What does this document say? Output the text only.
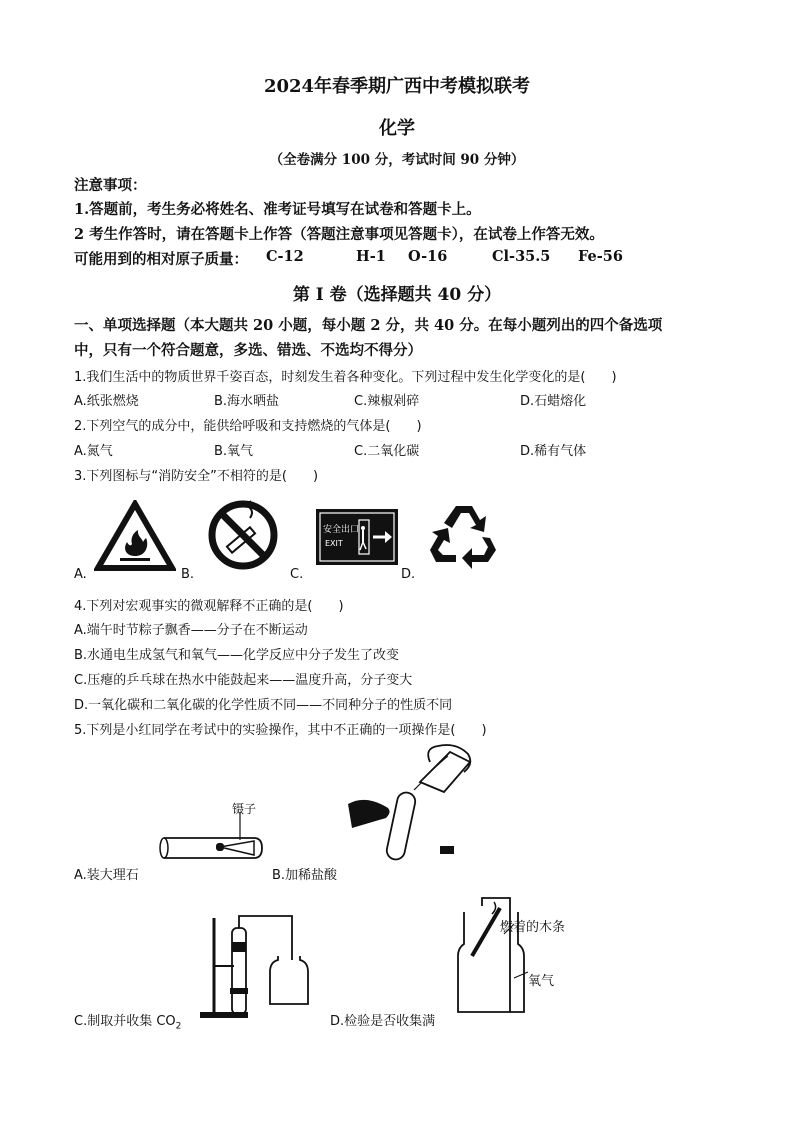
2024年春季期广西中考模拟联考
化学
（全卷满分 100 分，考试时间 90 分钟）
注意事项：
1.答题前，考生务必将姓名、准考证号填写在试卷和答题卡上。
2 考生作答时，请在答题卡上作答（答题注意事项见答题卡），在试卷上作答无效。
可能用到的相对原子质量： C-12	H-1 O-16	Cl-35.5 Fe-56
第 I 卷（选择题共 40 分）
一、单项选择题（本大题共 20 小题，每小题 2 分，共 40 分。在每小题列出的四个备选项
中，只有一个符合题意，多选、错选、不选均不得分）
1.我们生活中的物质世界千姿百态，时刻发生着各种变化。下列过程中发生化学变化的是(　　)
A.纸张燃烧	B.海水晒盐	C.辣椒剁碎	D.石蜡熔化
2.下列空气的成分中，能供给呼吸和支持燃烧的气体是(　　)
A.氮气	B.氧气	C.二氧化碳	D.稀有气体
3.下列图标与“消防安全”不相符的是(　　)
A.	B.
安全出口
EXIT
C.	D.
4.下列对宏观事实的微观解释不正确的是(　　)
A.端午时节粽子飘香——分子在不断运动
B.水通电生成氢气和氧气——化学反应中分子发生了改变
C.压瘪的乒乓球在热水中能鼓起来——温度升高，分子变大
D.一氧化碳和二氧化碳的化学性质不同——不同种分子的性质不同
5.下列是小红同学在考试中的实验操作，其中不正确的一项操作是(　　)
镊子
A.装大理石	B.加稀盐酸
C.制取并收集 $CO_2$
燃着的木条
氧气
D.检验是否收集满
